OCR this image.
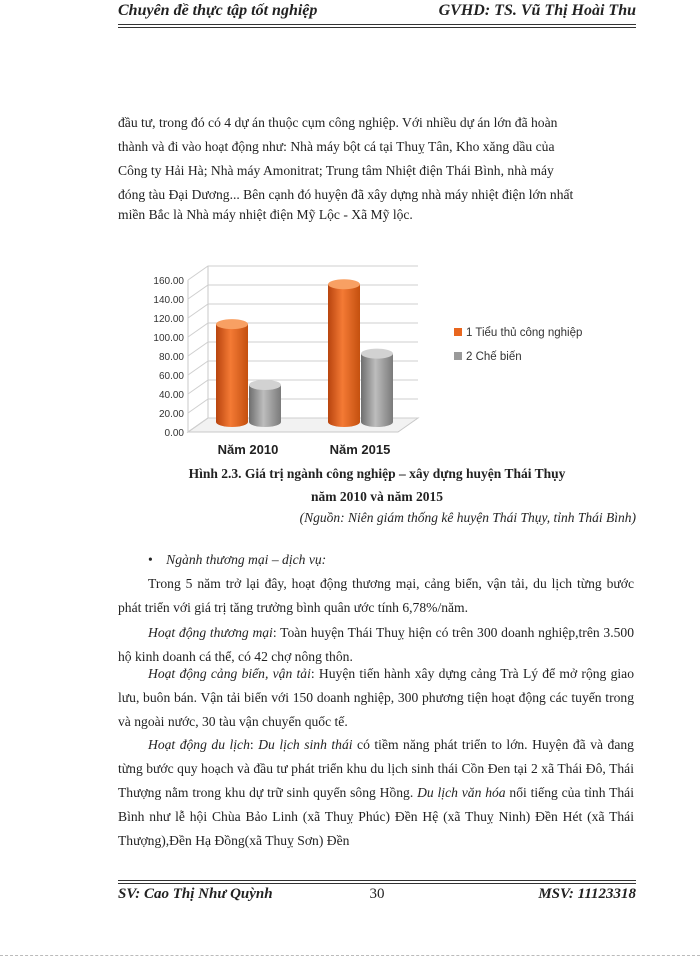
Chuyên đề thực tập tốt nghiệp	GVHD: TS. Vũ Thị Hoài Thu
đầu tư, trong đó có 4 dự án thuộc cụm công nghiệp. Với nhiều dự án lớn đã hoàn
thành và đi vào hoạt động như: Nhà máy bột cá tại Thuỵ Tân, Kho xăng dầu của
Công ty Hải Hà; Nhà máy Amonitrat; Trung tâm Nhiệt điện Thái Bình, nhà máy
đóng tàu Đại Dương... Bên cạnh đó huyện đã xây dựng nhà máy nhiệt điện lớn nhất
miền Bắc là Nhà máy nhiệt điện Mỹ Lộc - Xã Mỹ lộc.
0.00
20.00
40.00
60.00
80.00
100.00
120.00
140.00
160.00
Năm 2010	Năm 2015
1 Tiểu thủ công nghiệp
2 Chế biến
Hình 2.3. Giá trị ngành công nghiệp – xây dựng huyện Thái Thụy
năm 2010 và năm 2015
(Nguồn: Niên giám thống kê huyện Thái Thụy, tỉnh Thái Bình)
• Ngành thương mại – dịch vụ:

Trong 5 năm trở lại đây, hoạt động thương mại, cảng biển, vận tải, du lịch từng bước phát triển với giá trị tăng trưởng bình quân ước tính 6,78%/năm.

Hoạt động thương mại: Toàn huyện Thái Thuỵ hiện có trên 300 doanh nghiệp,trên 3.500 hộ kinh doanh cá thể, có 42 chợ nông thôn.

Hoạt động cảng biển, vận tải: Huyện tiến hành xây dựng cảng Trà Lý để mở rộng giao lưu, buôn bán. Vận tải biển với 150 doanh nghiệp, 300 phương tiện hoạt động các tuyến trong và ngoài nước, 30 tàu vận chuyển quốc tế.

Hoạt động du lịch: Du lịch sinh thái có tiềm năng phát triển to lớn. Huyện đã và đang từng bước quy hoạch và đầu tư phát triển khu du lịch sinh thái Cồn Đen tại 2 xã Thái Đô, Thái Thượng nằm trong khu dự trữ sinh quyển sông Hồng. Du lịch văn hóa nổi tiếng của tỉnh Thái Bình như lễ hội Chùa Bảo Linh (xã Thuỵ Phúc) Đền Hệ (xã Thuỵ Ninh) Đền Hét (xã Thái Thượng),Đền Hạ Đồng(xã Thuỵ Sơn) Đền

SV: Cao Thị Như Quỳnh	30	MSV: 11123318
